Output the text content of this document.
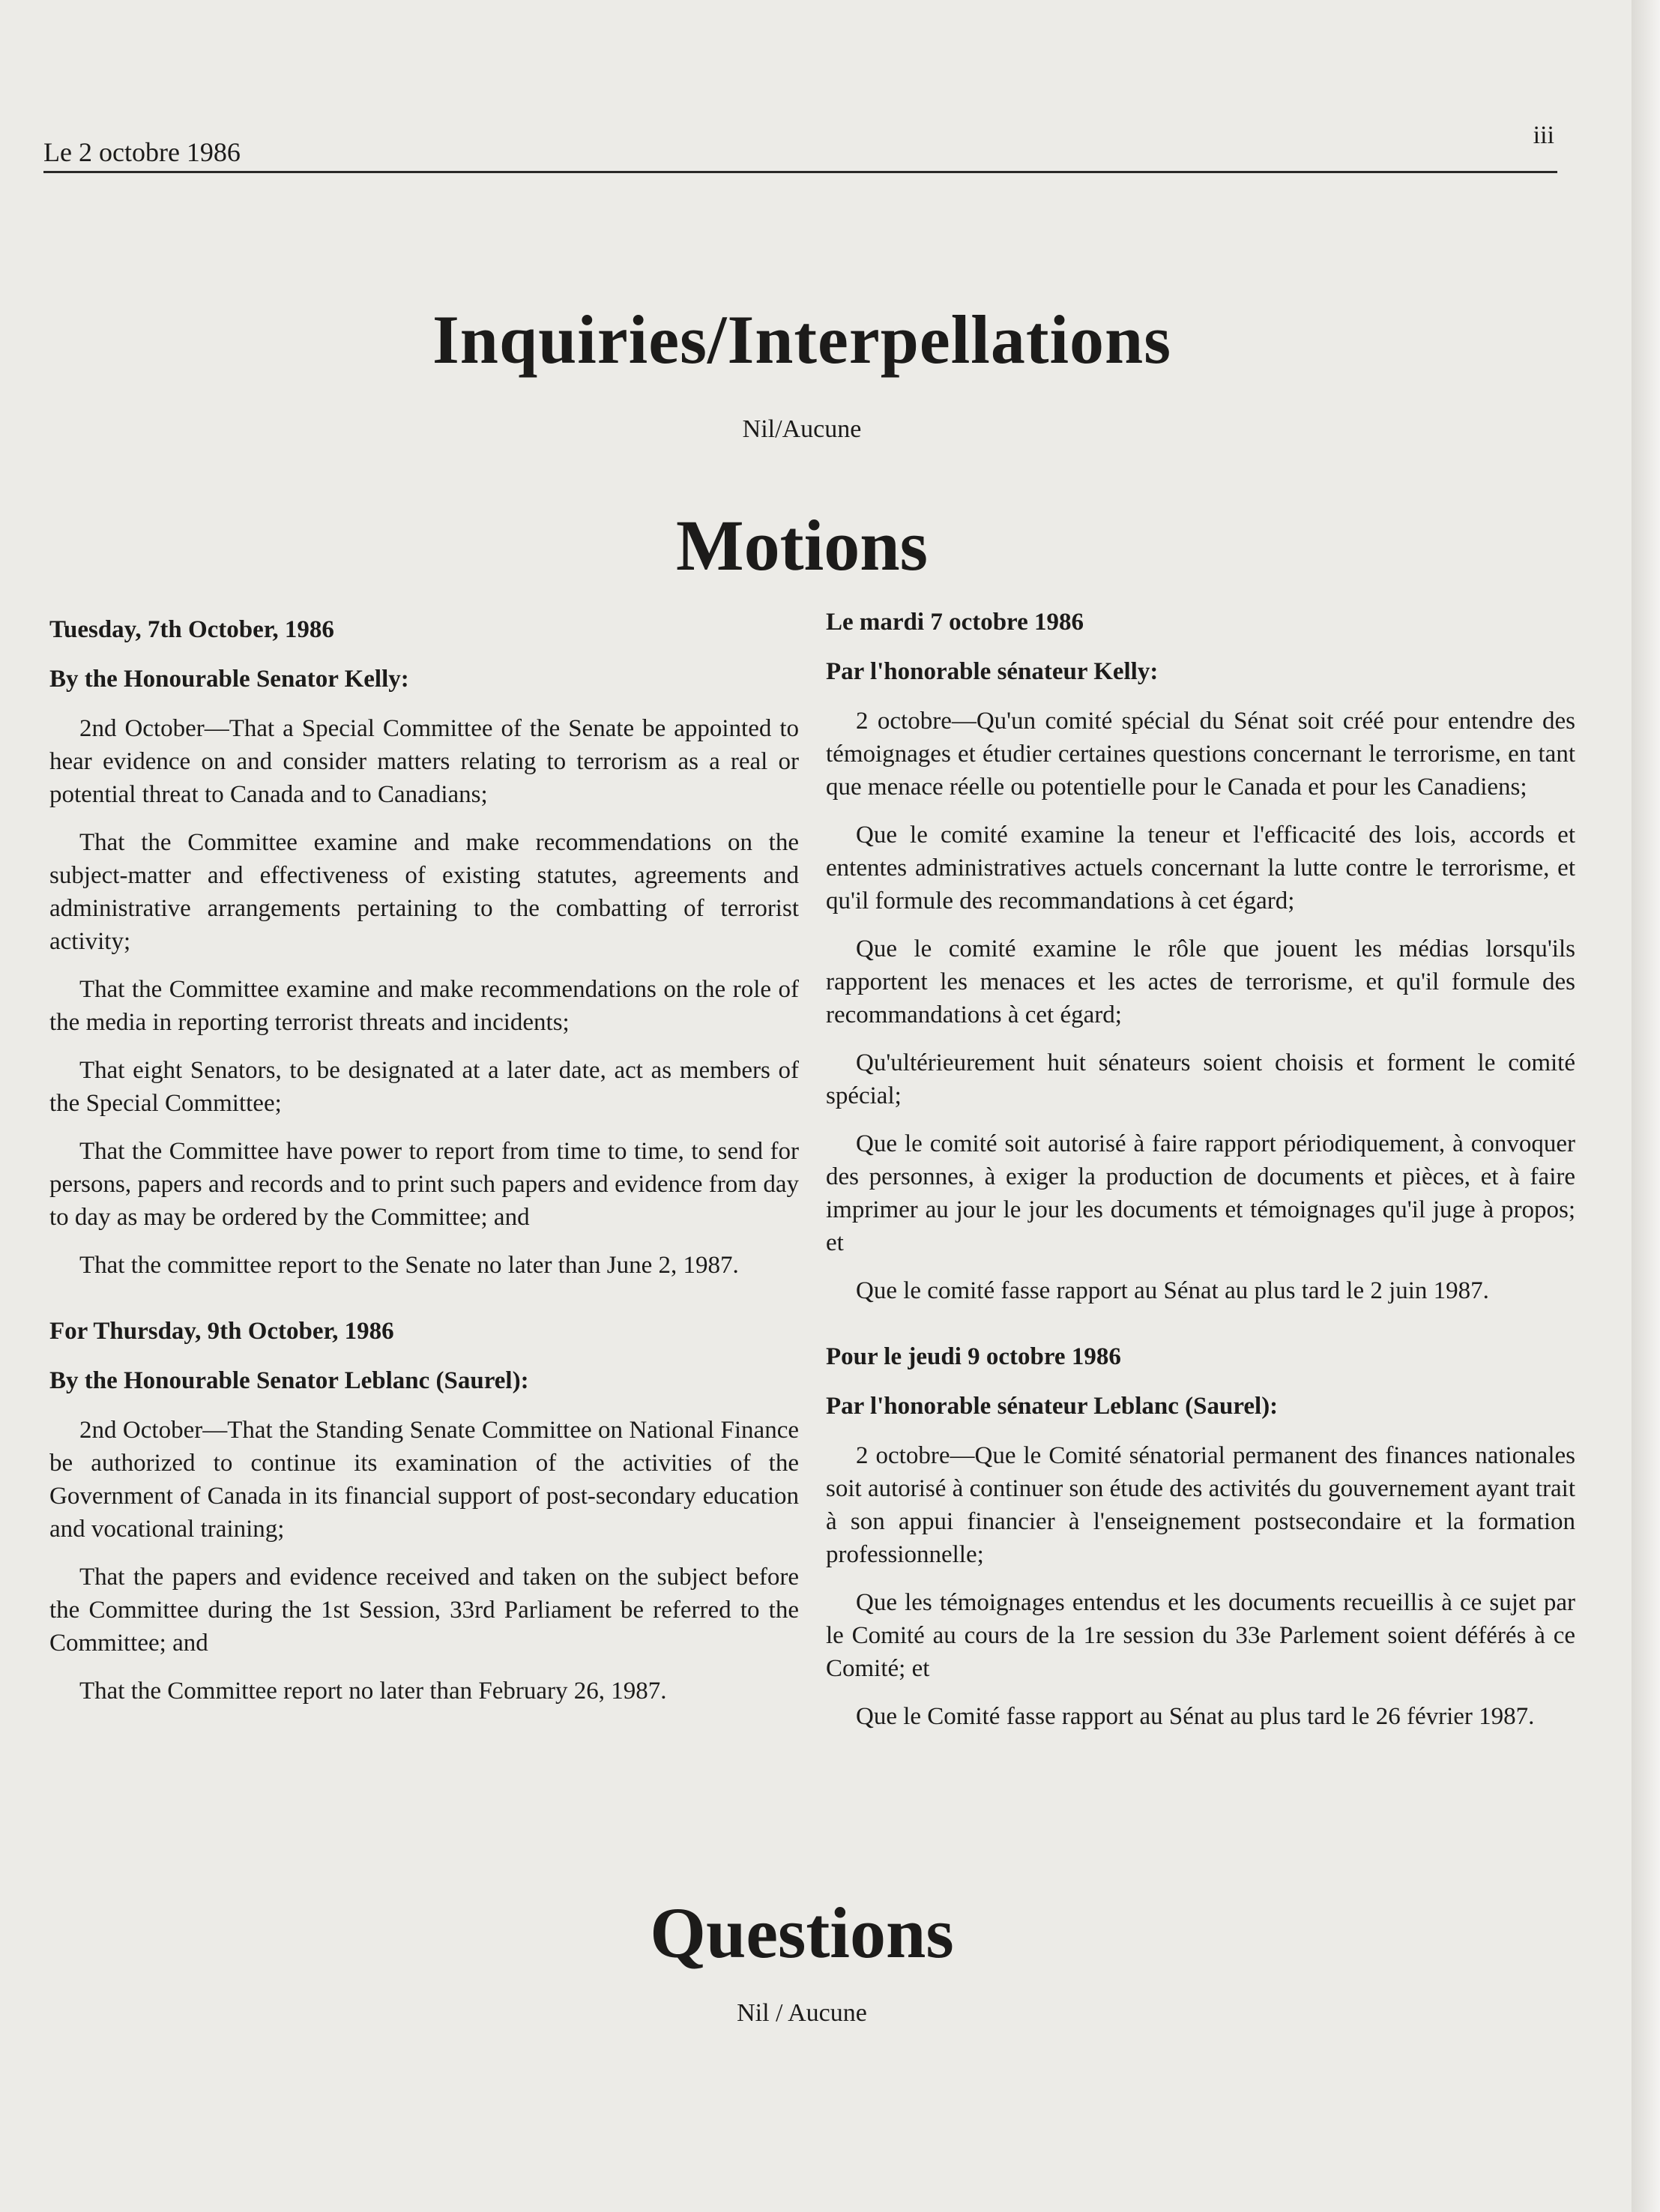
Le 2 octobre 1986
iii
Inquiries/Interpellations
Nil/Aucune
Motions

Tuesday, 7th October, 1986

By the Honourable Senator Kelly:

2nd October—That a Special Committee of the Senate be appointed to hear evidence on and consider matters relating to terrorism as a real or potential threat to Canada and to Canadians;

That the Committee examine and make recommendations on the subject-matter and effectiveness of existing statutes, agreements and administrative arrangements pertaining to the combatting of terrorist activity;

That the Committee examine and make recommendations on the role of the media in reporting terrorist threats and incidents;

That eight Senators, to be designated at a later date, act as members of the Special Committee;

That the Committee have power to report from time to time, to send for persons, papers and records and to print such papers and evidence from day to day as may be ordered by the Committee; and

That the committee report to the Senate no later than June 2, 1987.

For Thursday, 9th October, 1986

By the Honourable Senator Leblanc (Saurel):

2nd October—That the Standing Senate Committee on National Finance be authorized to continue its examination of the activities of the Government of Canada in its financial support of post-secondary education and vocational training;

That the papers and evidence received and taken on the subject before the Committee during the 1st Session, 33rd Parliament be referred to the Committee; and

That the Committee report no later than February 26, 1987.

Le mardi 7 octobre 1986

Par l'honorable sénateur Kelly:

2 octobre—Qu'un comité spécial du Sénat soit créé pour entendre des témoignages et étudier certaines questions concernant le terrorisme, en tant que menace réelle ou potentielle pour le Canada et pour les Canadiens;

Que le comité examine la teneur et l'efficacité des lois, accords et ententes administratives actuels concernant la lutte contre le terrorisme, et qu'il formule des recommandations à cet égard;

Que le comité examine le rôle que jouent les médias lorsqu'ils rapportent les menaces et les actes de terrorisme, et qu'il formule des recommandations à cet égard;

Qu'ultérieurement huit sénateurs soient choisis et forment le comité spécial;

Que le comité soit autorisé à faire rapport périodiquement, à convoquer des personnes, à exiger la production de documents et pièces, et à faire imprimer au jour le jour les documents et témoignages qu'il juge à propos; et

Que le comité fasse rapport au Sénat au plus tard le 2 juin 1987.

Pour le jeudi 9 octobre 1986

Par l'honorable sénateur Leblanc (Saurel):

2 octobre—Que le Comité sénatorial permanent des finances nationales soit autorisé à continuer son étude des activités du gouvernement ayant trait à son appui financier à l'enseignement postsecondaire et la formation professionnelle;

Que les témoignages entendus et les documents recueillis à ce sujet par le Comité au cours de la 1re session du 33e Parlement soient déférés à ce Comité; et

Que le Comité fasse rapport au Sénat au plus tard le 26 février 1987.

Questions
Nil / Aucune
